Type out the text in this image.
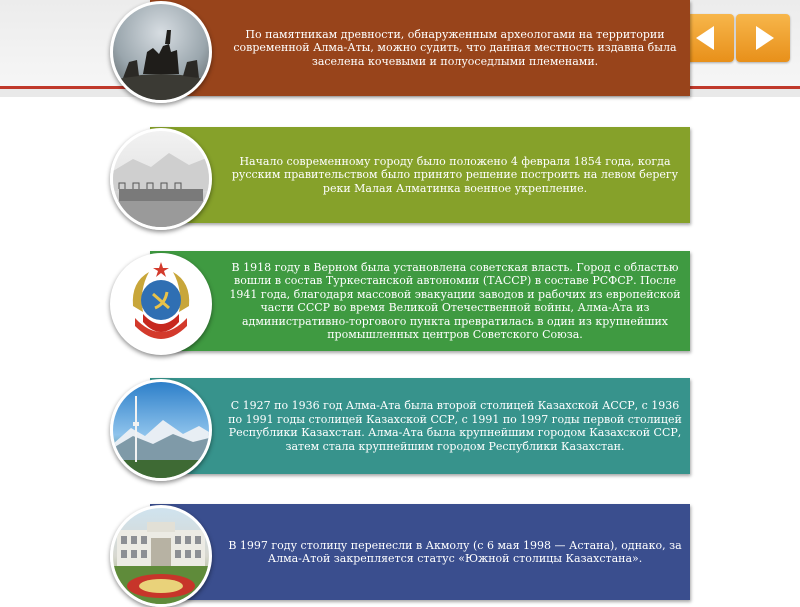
По памятникам древности, обнаруженным археологами на территории современной Алма-Аты, можно судить, что данная местность издавна была заселена кочевыми и полуоседлыми племенами.
Начало современному городу было положено 4 февраля 1854 года, когда русским правительством было принято решение построить на левом берегу реки Малая Алматинка военное укрепление.
В 1918 году в Верном была установлена советская власть. Город с областью вошли в состав Туркестанской автономии (ТАССР) в составе РСФСР. После 1941 года, благодаря массовой эвакуации заводов и рабочих из европейской части СССР во время Великой Отечественной войны, Алма-Ата из административно-торгового пункта превратилась в один из крупнейших промышленных центров Советского Союза.
С 1927 по 1936 год Алма-Ата была второй столицей Казахской АССР, с 1936 по 1991 годы столицей Казахской ССР, с 1991 по 1997 годы первой столицей Республики Казахстан. Алма-Ата была крупнейшим городом Казахской ССР, затем стала крупнейшим городом Республики Казахстан.
В 1997 году столицу перенесли в Акмолу (с 6 мая 1998 — Астана), однако, за Алма-Атой закрепляется статус «Южной столицы Казахстана».
